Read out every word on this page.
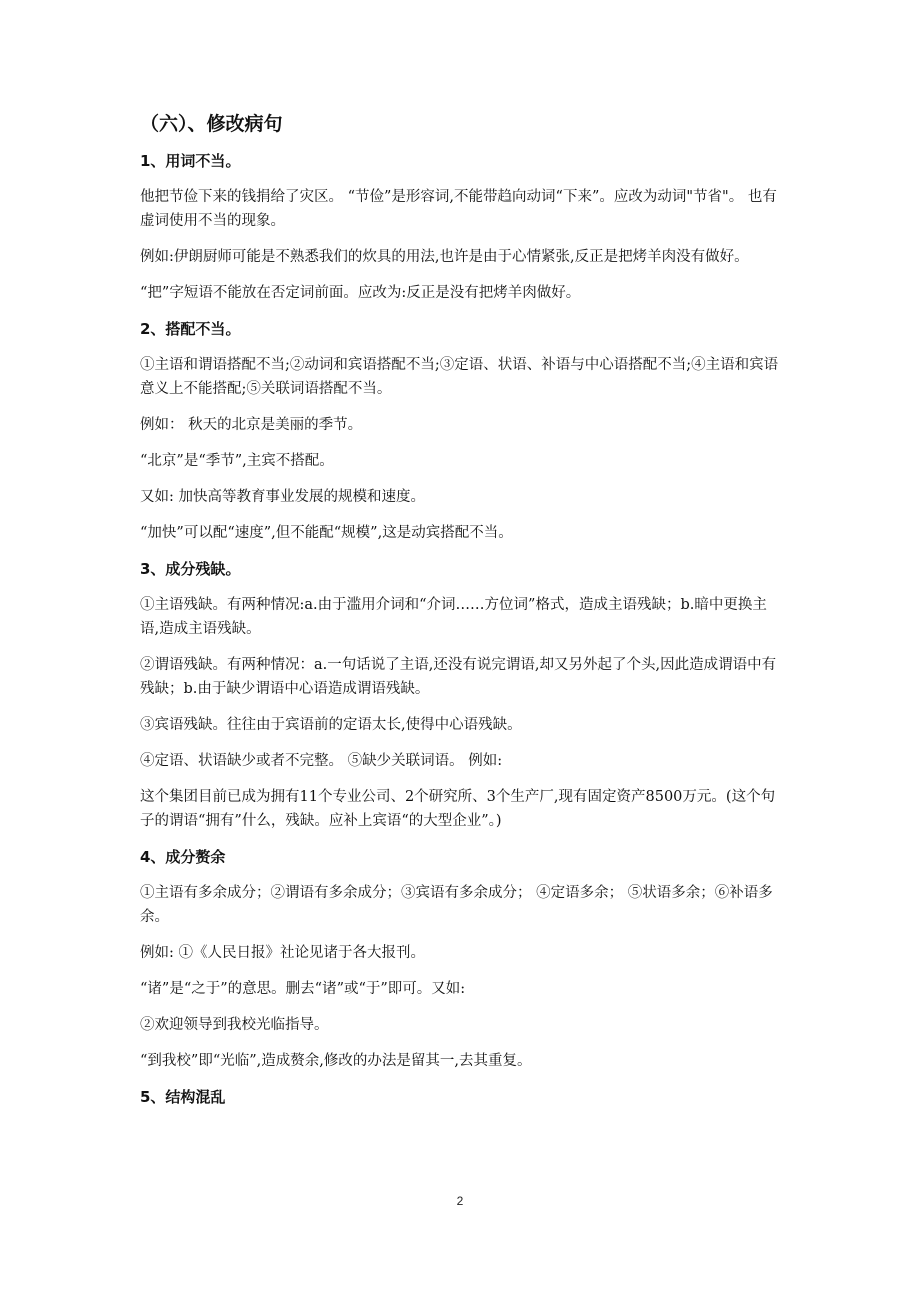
（六）、修改病句
1、用词不当。
他把节俭下来的钱捐给了灾区。 “节俭”是形容词,不能带趋向动词“下来”。应改为动词"节省"。 也有虚词使用不当的现象。
例如:伊朗厨师可能是不熟悉我们的炊具的用法,也许是由于心情紧张,反正是把烤羊肉没有做好。
“把”字短语不能放在否定词前面。应改为:反正是没有把烤羊肉做好。
2、搭配不当。
①主语和谓语搭配不当;②动词和宾语搭配不当;③定语、状语、补语与中心语搭配不当;④主语和宾语意义上不能搭配;⑤关联词语搭配不当。
例如： 秋天的北京是美丽的季节。
“北京”是“季节”,主宾不搭配。
又如: 加快高等教育事业发展的规模和速度。
“加快”可以配“速度”,但不能配“规模”,这是动宾搭配不当。
3、成分残缺。
①主语残缺。有两种情况:a.由于滥用介词和“介词……方位词”格式，造成主语残缺；b.暗中更换主语,造成主语残缺。
②谓语残缺。有两种情况：a.一句话说了主语,还没有说完谓语,却又另外起了个头,因此造成谓语中有残缺；b.由于缺少谓语中心语造成谓语残缺。
③宾语残缺。往往由于宾语前的定语太长,使得中心语残缺。
④定语、状语缺少或者不完整。 ⑤缺少关联词语。 例如:
这个集团目前已成为拥有11个专业公司、2个研究所、3个生产厂,现有固定资产8500万元。(这个句子的谓语“拥有”什么，残缺。应补上宾语“的大型企业”。)
4、成分赘余
①主语有多余成分；②谓语有多余成分；③宾语有多余成分； ④定语多余； ⑤状语多余；⑥补语多余。
例如: ①《人民日报》社论见诸于各大报刊。
“诸”是“之于”的意思。删去“诸”或“于”即可。又如:
②欢迎领导到我校光临指导。
“到我校”即“光临”,造成赘余,修改的办法是留其一,去其重复。
5、结构混乱
2
